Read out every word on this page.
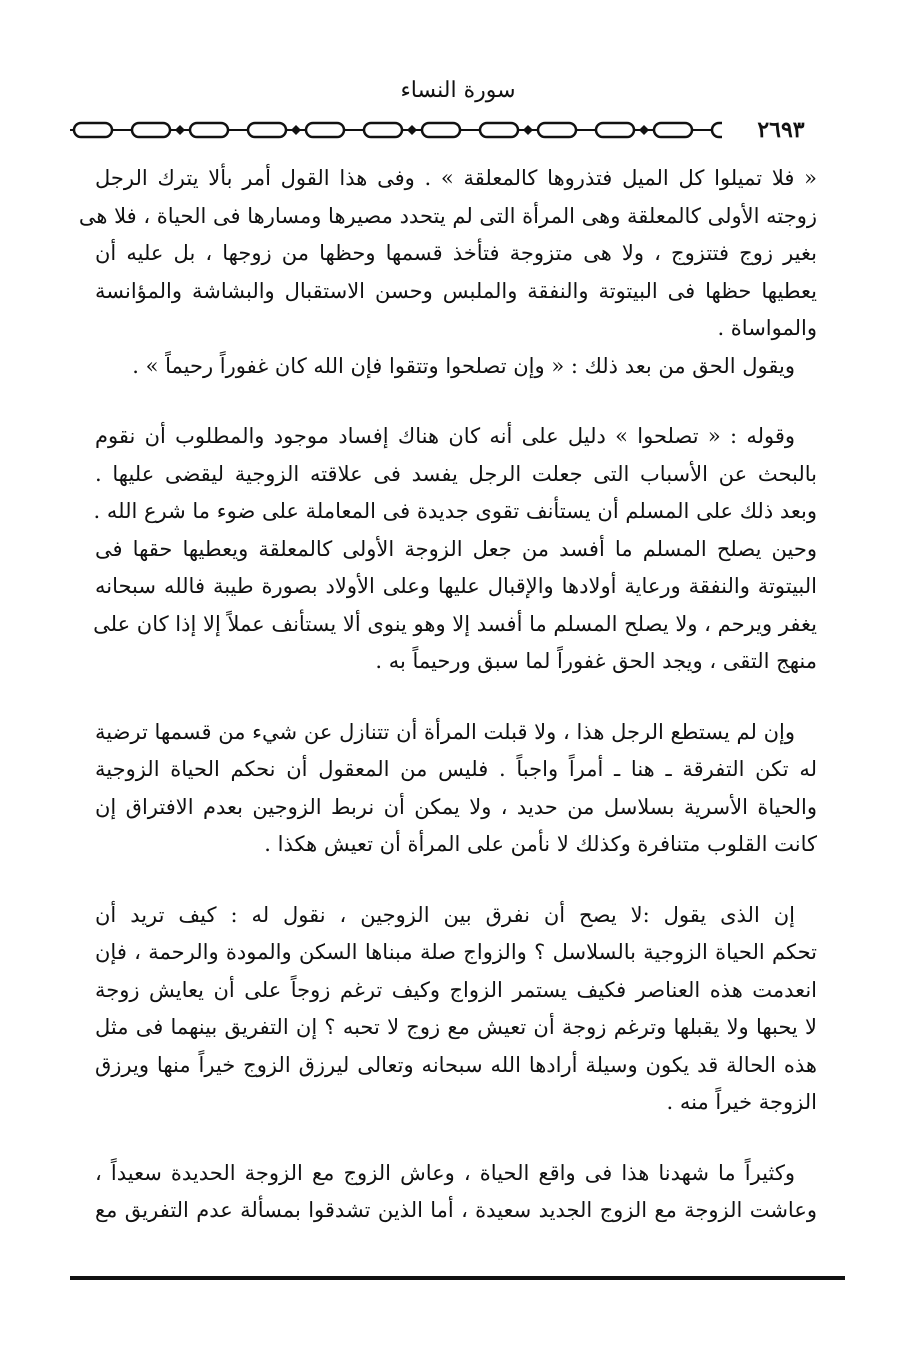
سورة النساء
٢٦٩٣
« فلا تميلوا كل الميل فتذروها كالمعلقة » . وفى هذا القول أمر بألا يترك الرجل
زوجته الأولى كالمعلقة وهى المرأة التى لم يتحدد مصيرها ومسارها فى الحياة ، فلا هى
بغير زوج فتتزوج ، ولا هى متزوجة فتأخذ قسمها وحظها من زوجها ، بل عليه أن
يعطيها حظها فى البيتوتة والنفقة والملبس وحسن الاستقبال والبشاشة والمؤانسة
والمواساة .
ويقول الحق من بعد ذلك : « وإن تصلحوا وتتقوا فإن الله كان غفوراً رحيماً » .
وقوله : « تصلحوا » دليل على أنه كان هناك إفساد موجود والمطلوب أن نقوم
بالبحث عن الأسباب التى جعلت الرجل يفسد فى علاقته الزوجية ليقضى عليها .
وبعد ذلك على المسلم أن يستأنف تقوى جديدة فى المعاملة على ضوء ما شرع الله .
وحين يصلح المسلم ما أفسد من جعل الزوجة الأولى كالمعلقة ويعطيها حقها فى
البيتوتة والنفقة ورعاية أولادها والإقبال عليها وعلى الأولاد بصورة طيبة فالله سبحانه
يغفر ويرحم ، ولا يصلح المسلم ما أفسد إلا وهو ينوى ألا يستأنف عملاً إلا إذا كان على
منهج التقى ، ويجد الحق غفوراً لما سبق ورحيماً به .
وإن لم يستطع الرجل هذا ، ولا قبلت المرأة أن تتنازل عن شيء من قسمها ترضية
له تكن التفرقة ـ هنا ـ أمراً واجباً . فليس من المعقول أن نحكم الحياة الزوجية
والحياة الأسرية بسلاسل من حديد ، ولا يمكن أن نربط الزوجين بعدم الافتراق إن
كانت القلوب متنافرة وكذلك لا نأمن على المرأة أن تعيش هكذا .
إن الذى يقول :لا يصح أن نفرق بين الزوجين ، نقول له : كيف تريد أن
تحكم الحياة الزوجية بالسلاسل ؟ والزواج صلة مبناها السكن والمودة والرحمة ، فإن
انعدمت هذه العناصر فكيف يستمر الزواج وكيف ترغم زوجاً على أن يعايش زوجة
لا يحبها ولا يقبلها وترغم زوجة أن تعيش مع زوج لا تحبه ؟ إن التفريق بينهما فى مثل
هذه الحالة قد يكون وسيلة أرادها الله سبحانه وتعالى ليرزق الزوج خيراً منها ويرزق
الزوجة خيراً منه .
وكثيراً ما شهدنا هذا فى واقع الحياة ، وعاش الزوج مع الزوجة الحديدة سعيداً ،
وعاشت الزوجة مع الزوج الجديد سعيدة ، أما الذين تشدقوا بمسألة عدم التفريق مع
